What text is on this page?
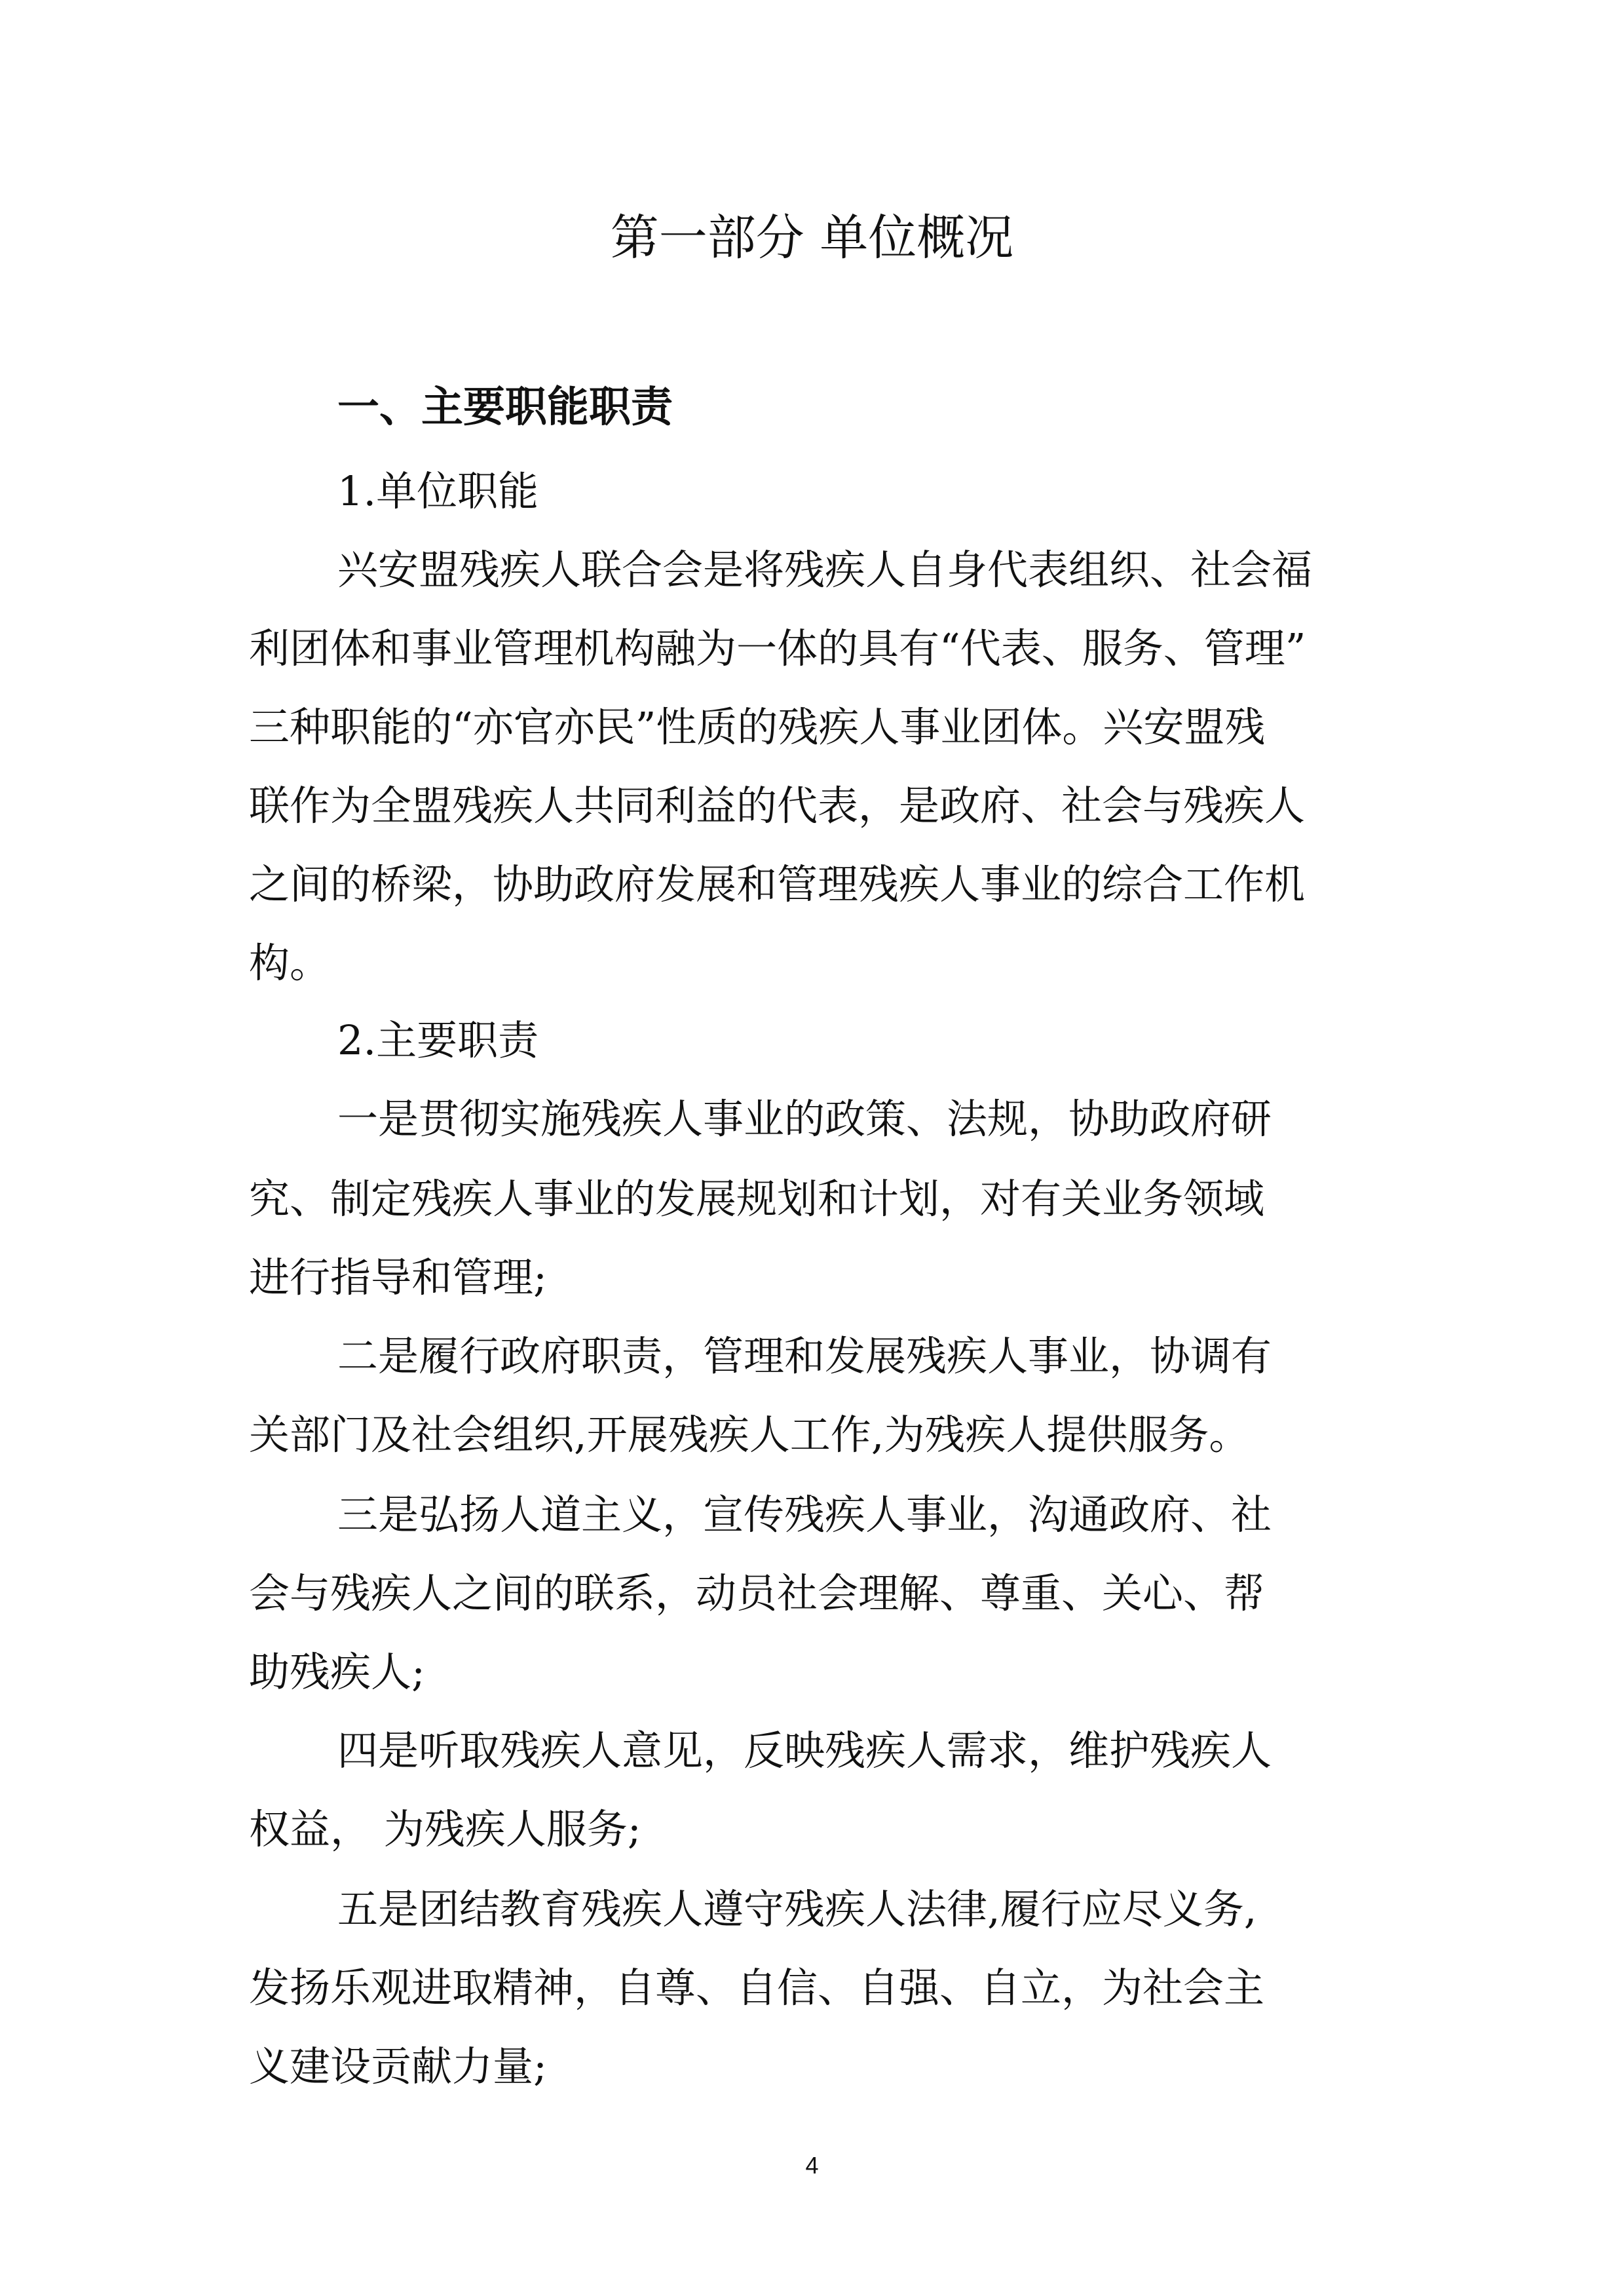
第一部分 单位概况
一、主要职能职责
1.单位职能
兴安盟残疾人联合会是将残疾人自身代表组织、社会福
利团体和事业管理机构融为一体的具有“代表、服务、管理”
三种职能的“亦官亦民”性质的残疾人事业团体。兴安盟残
联作为全盟残疾人共同利益的代表，是政府、社会与残疾人
之间的桥梁，协助政府发展和管理残疾人事业的综合工作机
构。
2.主要职责
一是贯彻实施残疾人事业的政策、法规，协助政府研
究、制定残疾人事业的发展规划和计划，对有关业务领域
进行指导和管理;
二是履行政府职责，管理和发展残疾人事业，协调有
关部门及社会组织,开展残疾人工作,为残疾人提供服务。
三是弘扬人道主义，宣传残疾人事业，沟通政府、社
会与残疾人之间的联系，动员社会理解、尊重、关心、帮
助残疾人;
四是听取残疾人意见，反映残疾人需求，维护残疾人
权益， 为残疾人服务;
五是团结教育残疾人遵守残疾人法律,履行应尽义务,
发扬乐观进取精神，自尊、自信、自强、自立，为社会主
义建设贡献力量;
4
